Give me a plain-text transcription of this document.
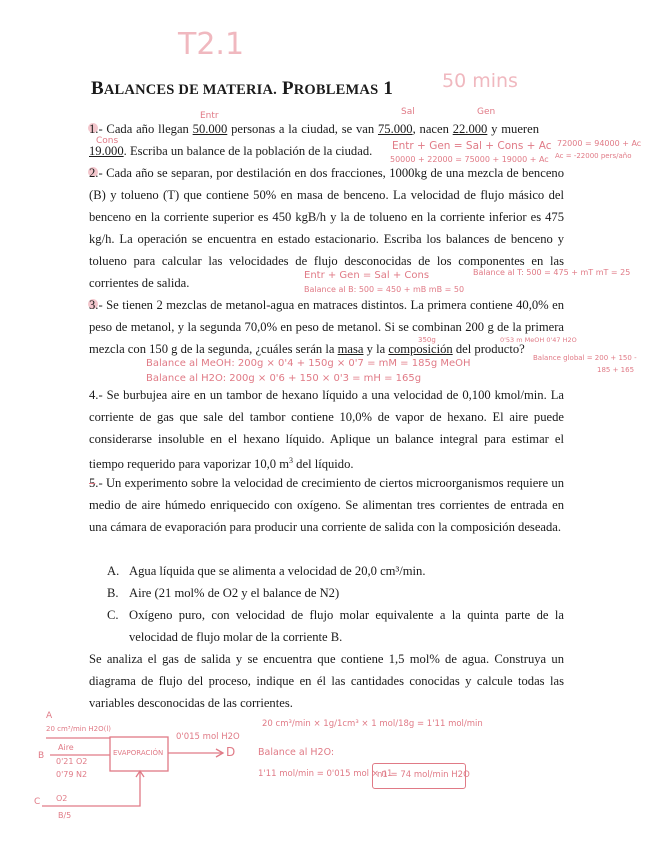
T2.1
50 mins
BALANCES DE MATERIA. PROBLEMAS 1
Entr	Sal	Gen
Cons

1.- Cada año llegan 50.000 personas a la ciudad, se van 75.000, nacen 22.000 y mueren 19.000. Escriba un balance de la población de la ciudad.	Entr + Gen = Sal + Cons + Ac
50000 + 22000 = 75000 + 19000 + Ac
72000 = 94000 + Ac
Ac = -22000 pers/año

2.- Cada año se separan, por destilación en dos fracciones, 1000kg de una mezcla de benceno (B) y tolueno (T) que contiene 50% en masa de benceno. La velocidad de flujo másico del benceno en la corriente superior es 450 kgB/h y la de tolueno en la corriente inferior es 475 kg/h. La operación se encuentra en estado estacionario. Escriba los balances de benceno y tolueno para calcular las velocidades de flujo desconocidas de los componentes en las corrientes de salida.

Entr + Gen = Sal + Cons
Balance al B: 500 = 450 + mB mB = 50
Balance al T: 500 = 475 + mT mT = 25

3.- Se tienen 2 mezclas de metanol-agua en matraces distintos. La primera contiene 40,0% en peso de metanol, y la segunda 70,0% en peso de metanol. Si se combinan 200 g de la primera mezcla con 150 g de la segunda, ¿cuáles serán la masa y la composición del producto?

350g	0'53 m MeOH 0'47 H2O
Balance al MeOH: 200g × 0'4 + 150g × 0'7 = mM = 185g MeOH
Balance al H2O: 200g × 0'6 + 150 × 0'3 = mH = 165g
Balance global = 200 + 150 -
185 + 165

4.- Se burbujea aire en un tambor de hexano líquido a una velocidad de 0,100 kmol/min. La corriente de gas que sale del tambor contiene 10,0% de vapor de hexano. El aire puede considerarse insoluble en el hexano líquido. Aplique un balance integral para estimar el tiempo requerido para vaporizar 10,0 $m^3$ del líquido.

5.- Un experimento sobre la velocidad de crecimiento de ciertos microorganismos requiere un medio de aire húmedo enriquecido con oxígeno. Se alimentan tres corrientes de entrada en una cámara de evaporación para producir una corriente de salida con la composición deseada.

A. Agua líquida que se alimenta a velocidad de 20,0 cm³/min.
B. Aire (21 mol% de O2 y el balance de N2)
C. Oxígeno puro, con velocidad de flujo molar equivalente a la quinta parte de la velocidad de flujo molar de la corriente B.

Se analiza el gas de salida y se encuentra que contiene 1,5 mol% de agua. Construya un diagrama de flujo del proceso, indique en él las cantidades conocidas y calcule todas las variables desconocidas de las corrientes.

A
20 cm³/min H2O(l)
B
Aire
0'21 O2
0'79 N2
EVAPORACIÓN
0'015 mol H2O
D
C O2
B/5
20 cm³/min × 1g/1cm³ × 1 mol/18g = 1'11 mol/min
Balance al H2O:
1'11 mol/min = 0'015 mol × n1
n1 = 74 mol/min H2O
